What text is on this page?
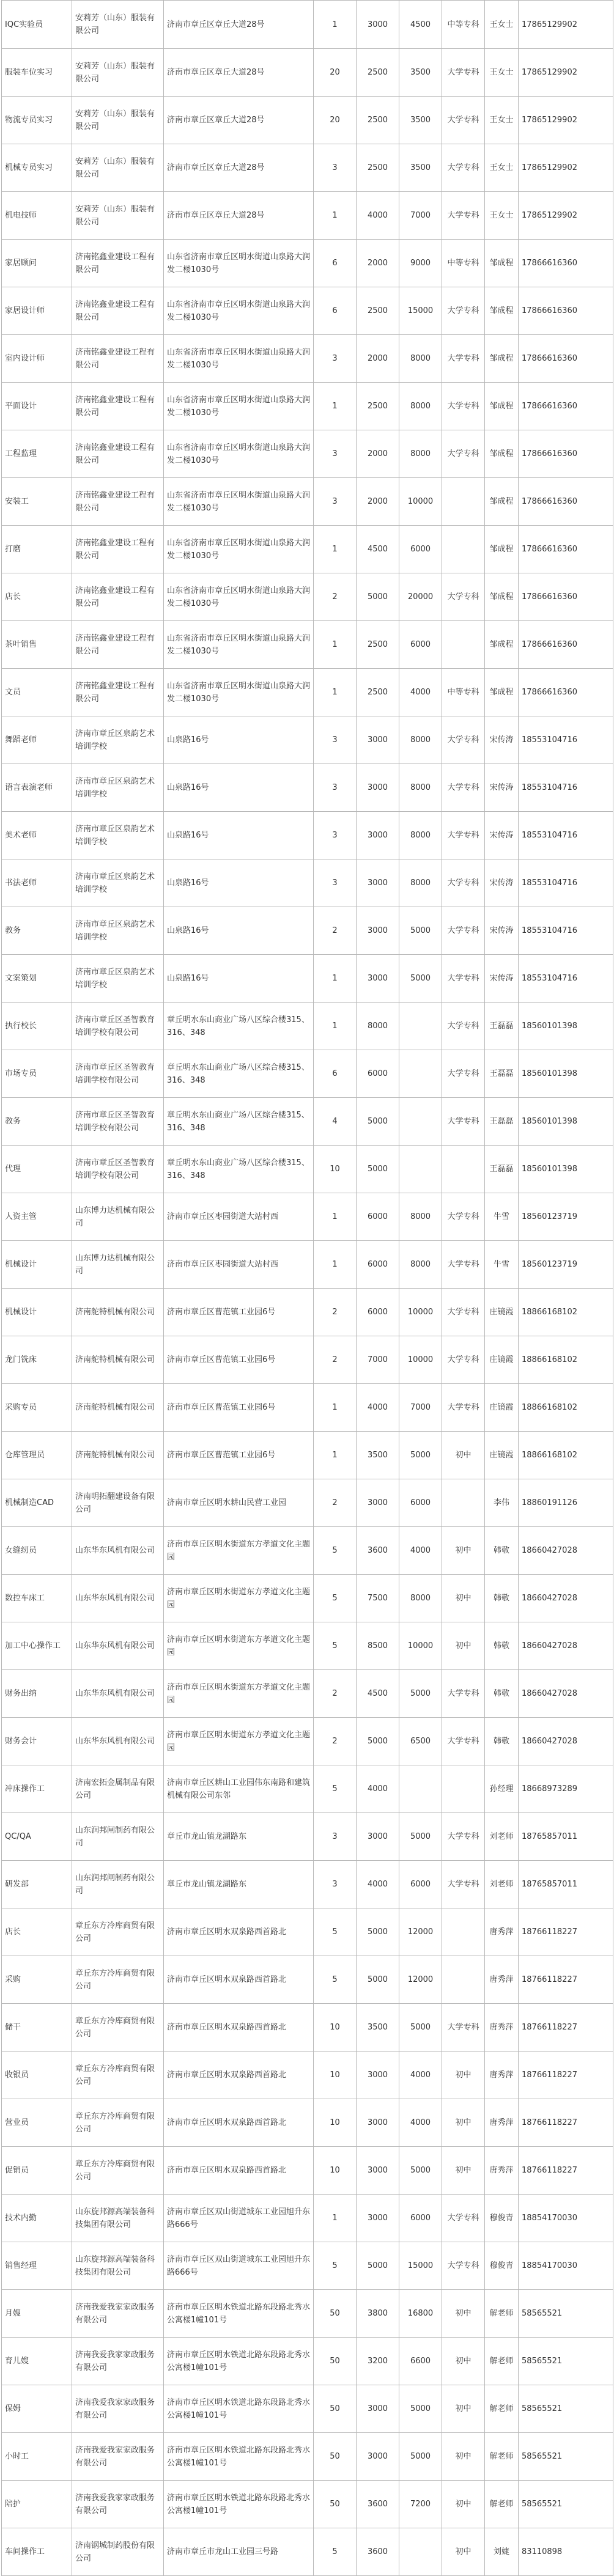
IQC实验员	安莉芳（山东）服装有限公司	济南市章丘区章丘大道28号	1	3000	4500	中等专科	王女士	17865129902
服装车位实习	安莉芳（山东）服装有限公司	济南市章丘区章丘大道28号	20	2500	3500	大学专科	王女士	17865129902
物流专员实习	安莉芳（山东）服装有限公司	济南市章丘区章丘大道28号	20	2500	3500	大学专科	王女士	17865129902
机械专员实习	安莉芳（山东）服装有限公司	济南市章丘区章丘大道28号	3	2500	3500	大学专科	王女士	17865129902
机电技师	安莉芳（山东）服装有限公司	济南市章丘区章丘大道28号	1	4000	7000	大学专科	王女士	17865129902
家居顾问	济南铭鑫业建设工程有限公司	山东省济南市章丘区明水街道山泉路大润发二楼1030号	6	2000	9000	中等专科	邹成程	17866616360
家居设计师	济南铭鑫业建设工程有限公司	山东省济南市章丘区明水街道山泉路大润发二楼1030号	6	2500	15000	大学专科	邹成程	17866616360
室内设计师	济南铭鑫业建设工程有限公司	山东省济南市章丘区明水街道山泉路大润发二楼1030号	3	2000	8000	大学专科	邹成程	17866616360
平面设计	济南铭鑫业建设工程有限公司	山东省济南市章丘区明水街道山泉路大润发二楼1030号	1	2500	8000	大学专科	邹成程	17866616360
工程监理	济南铭鑫业建设工程有限公司	山东省济南市章丘区明水街道山泉路大润发二楼1030号	3	2000	8000	大学专科	邹成程	17866616360
安装工	济南铭鑫业建设工程有限公司	山东省济南市章丘区明水街道山泉路大润发二楼1030号	3	2000	10000		邹成程	17866616360
打磨	济南铭鑫业建设工程有限公司	山东省济南市章丘区明水街道山泉路大润发二楼1030号	1	4500	6000		邹成程	17866616360
店长	济南铭鑫业建设工程有限公司	山东省济南市章丘区明水街道山泉路大润发二楼1030号	2	5000	20000	大学专科	邹成程	17866616360
茶叶销售	济南铭鑫业建设工程有限公司	山东省济南市章丘区明水街道山泉路大润发二楼1030号	1	2500	6000		邹成程	17866616360
文员	济南铭鑫业建设工程有限公司	山东省济南市章丘区明水街道山泉路大润发二楼1030号	1	2500	4000	中等专科	邹成程	17866616360
舞蹈老师	济南市章丘区泉韵艺术培训学校	山泉路16号	3	3000	8000	大学专科	宋传涛	18553104716
语言表演老师	济南市章丘区泉韵艺术培训学校	山泉路16号	3	3000	8000	大学专科	宋传涛	18553104716
美术老师	济南市章丘区泉韵艺术培训学校	山泉路16号	3	3000	8000	大学专科	宋传涛	18553104716
书法老师	济南市章丘区泉韵艺术培训学校	山泉路16号	3	3000	8000	大学专科	宋传涛	18553104716
教务	济南市章丘区泉韵艺术培训学校	山泉路16号	2	3000	5000	大学专科	宋传涛	18553104716
文案策划	济南市章丘区泉韵艺术培训学校	山泉路16号	1	3000	5000	大学专科	宋传涛	18553104716
执行校长	济南市章丘区圣智教育培训学校有限公司	章丘明水东山商业广场八区综合楼315、316、348	1	8000		大学专科	王磊磊	18560101398
市场专员	济南市章丘区圣智教育培训学校有限公司	章丘明水东山商业广场八区综合楼315、316、348	6	6000		大学专科	王磊磊	18560101398
教务	济南市章丘区圣智教育培训学校有限公司	章丘明水东山商业广场八区综合楼315、316、348	4	5000		大学专科	王磊磊	18560101398
代理	济南市章丘区圣智教育培训学校有限公司	章丘明水东山商业广场八区综合楼315、316、348	10	5000			王磊磊	18560101398
人资主管	山东博力达机械有限公司	济南市章丘区枣园街道大站村西	1	6000	8000	大学专科	牛雪	18560123719
机械设计	山东博力达机械有限公司	济南市章丘区枣园街道大站村西	1	6000	8000	大学专科	牛雪	18560123719
机械设计	济南舵特机械有限公司	济南市章丘区曹范镇工业园6号	2	6000	10000	大学专科	庄镜霞	18866168102
龙门铣床	济南舵特机械有限公司	济南市章丘区曹范镇工业园6号	2	7000	10000	大学专科	庄镜霞	18866168102
采购专员	济南舵特机械有限公司	济南市章丘区曹范镇工业园6号	1	4000	7000	大学专科	庄镜霞	18866168102
仓库管理员	济南舵特机械有限公司	济南市章丘区曹范镇工业园6号	1	3500	5000	初中	庄镜霞	18866168102
机械制造CAD	济南明拓翻建设备有限公司	济南市章丘区明水耕山民营工业园	2	3000	6000		李伟	18860191126
女缝纫员	山东华东风机有限公司	济南市章丘区明水街道东方孝道文化主题园	5	3600	4000	初中	韩敬	18660427028
数控车床工	山东华东风机有限公司	济南市章丘区明水街道东方孝道文化主题园	5	7500	8000	初中	韩敬	18660427028
加工中心操作工	山东华东风机有限公司	济南市章丘区明水街道东方孝道文化主题园	5	8500	10000	初中	韩敬	18660427028
财务出纳	山东华东风机有限公司	济南市章丘区明水街道东方孝道文化主题园	2	4500	5000	大学专科	韩敬	18660427028
财务会计	山东华东风机有限公司	济南市章丘区明水街道东方孝道文化主题园	2	5000	6500	大学专科	韩敬	18660427028
冲床操作工	济南宏拓金属制品有限公司	济南市章丘区耕山工业园伟东南路和建筑机械有限公司东邻	5	4000			孙经理	18668973289
QC/QA	山东润邦闸制药有限公司	章丘市龙山镇龙湖路东	3	3000	5000	大学专科	刘老师	18765857011
研发部	山东润邦闸制药有限公司	章丘市龙山镇龙湖路东	3	4000	6000	大学专科	刘老师	18765857011
店长	章丘东方冷库商贸有限公司	济南市章丘区明水双泉路西首路北	5	5000	12000		唐秀萍	18766118227
采购	章丘东方冷库商贸有限公司	济南市章丘区明水双泉路西首路北	5	5000	12000		唐秀萍	18766118227
储干	章丘东方冷库商贸有限公司	济南市章丘区明水双泉路西首路北	10	3500	5000	大学专科	唐秀萍	18766118227
收银员	章丘东方冷库商贸有限公司	济南市章丘区明水双泉路西首路北	10	3000	4000	初中	唐秀萍	18766118227
营业员	章丘东方冷库商贸有限公司	济南市章丘区明水双泉路西首路北	10	3000	4000	初中	唐秀萍	18766118227
促销员	章丘东方冷库商贸有限公司	济南市章丘区明水双泉路西首路北	10	3000	5000	初中	唐秀萍	18766118227
技术内勤	山东旋邦源高端装备科技集团有限公司	济南市章丘区双山街道城东工业园旭升东路666号	1	3000	6000	大学专科	穆俊青	18854170030
销售经理	山东旋邦源高端装备科技集团有限公司	济南市章丘区双山街道城东工业园旭升东路666号	5	5000	15000	大学专科	穆俊青	18854170030
月嫂	济南我爱我家家政服务有限公司	济南市章丘区明水铁道北路东段路北秀水公寓楼1幢101号	50	3800	16800	初中	解老师	58565521
育儿嫂	济南我爱我家家政服务有限公司	济南市章丘区明水铁道北路东段路北秀水公寓楼1幢101号	50	3200	6600	初中	解老师	58565521
保姆	济南我爱我家家政服务有限公司	济南市章丘区明水铁道北路东段路北秀水公寓楼1幢101号	50	3000	5000	初中	解老师	58565521
小时工	济南我爱我家家政服务有限公司	济南市章丘区明水铁道北路东段路北秀水公寓楼1幢101号	50	3000	5000	初中	解老师	58565521
陪护	济南我爱我家家政服务有限公司	济南市章丘区明水铁道北路东段路北秀水公寓楼1幢101号	50	3600	7200	初中	解老师	58565521
车间操作工	济南钢城制药股份有限公司	济南市章丘市龙山工业园三号路	5	3600		初中	刘婕	83110898
